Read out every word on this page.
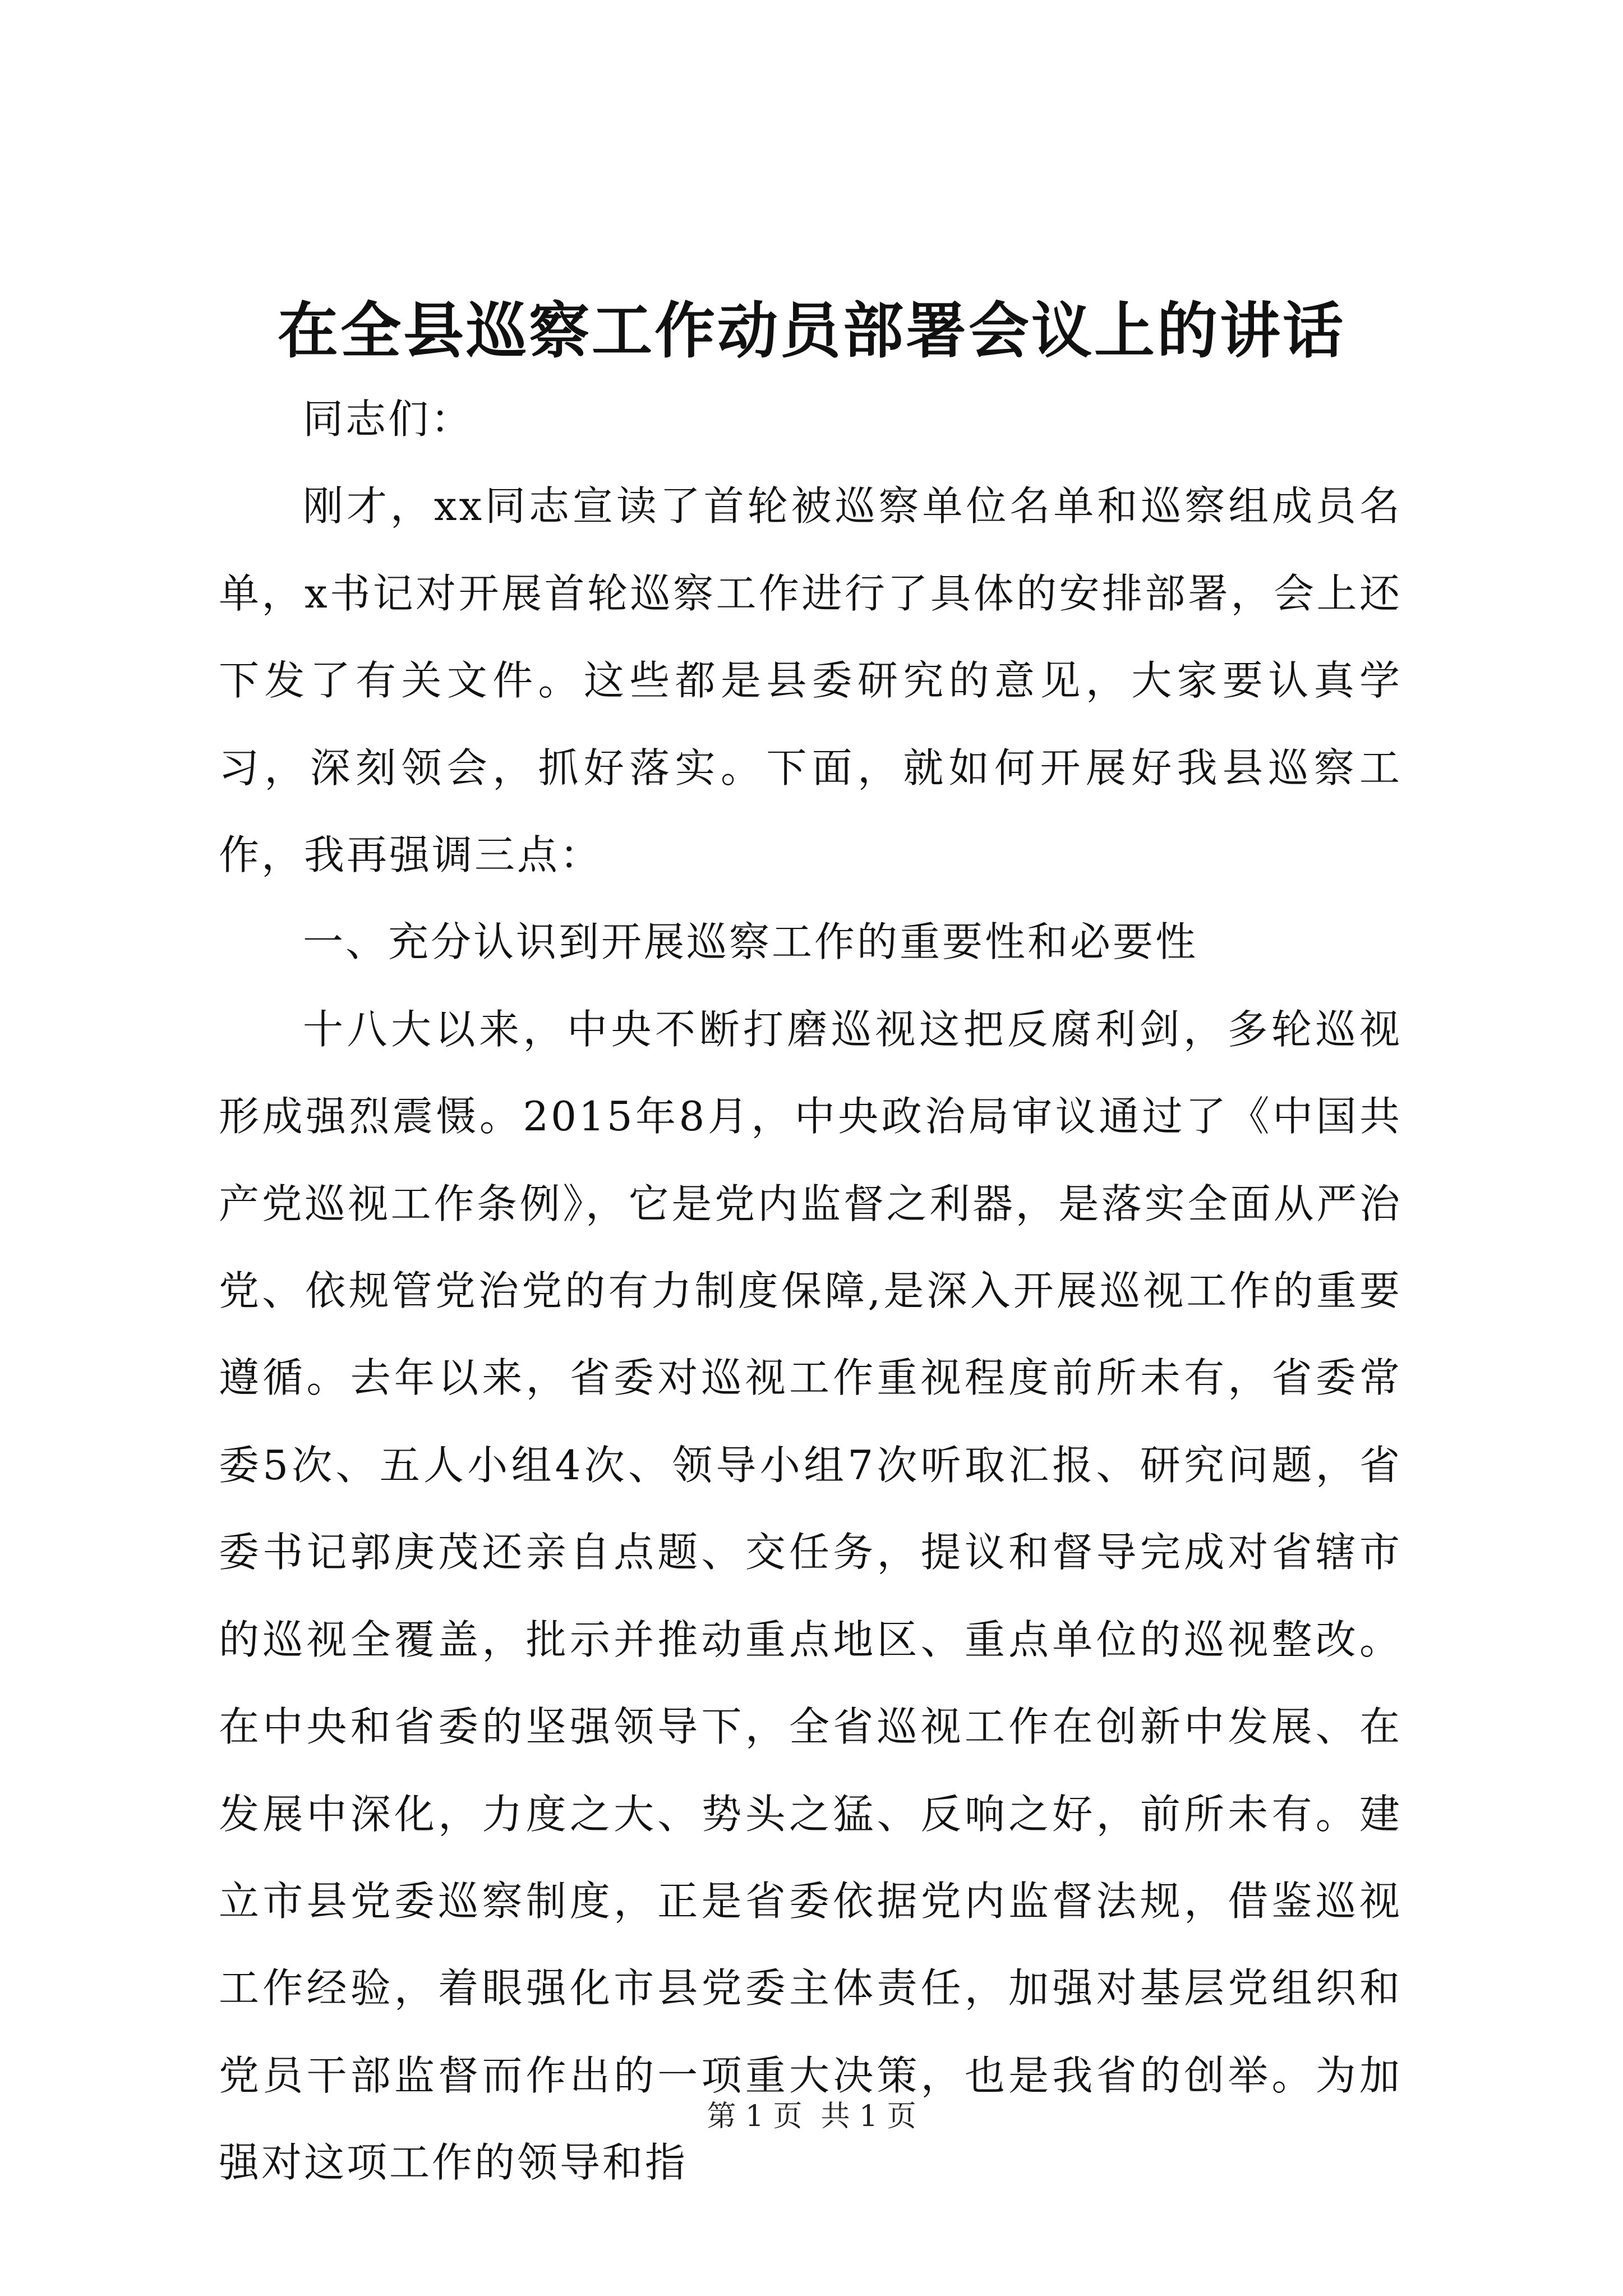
在全县巡察工作动员部署会议上的讲话

同志们：

刚才，xx同志宣读了首轮被巡察单位名单和巡察组成员名单，x书记对开展首轮巡察工作进行了具体的安排部署，会上还下发了有关文件。这些都是县委研究的意见，大家要认真学习，深刻领会，抓好落实。下面，就如何开展好我县巡察工作，我再强调三点：

一、充分认识到开展巡察工作的重要性和必要性

十八大以来，中央不断打磨巡视这把反腐利剑，多轮巡视形成强烈震慑。2015年8月，中央政治局审议通过了《中国共产党巡视工作条例》，它是党内监督之利器，是落实全面从严治党、依规管党治党的有力制度保障,是深入开展巡视工作的重要遵循。去年以来，省委对巡视工作重视程度前所未有，省委常委5次、五人小组4次、领导小组7次听取汇报、研究问题，省委书记郭庚茂还亲自点题、交任务，提议和督导完成对省辖市的巡视全覆盖，批示并推动重点地区、重点单位的巡视整改。在中央和省委的坚强领导下，全省巡视工作在创新中发展、在发展中深化，力度之大、势头之猛、反响之好，前所未有。建立市县党委巡察制度，正是省委依据党内监督法规，借鉴巡视工作经验，着眼强化市县党委主体责任，加强对基层党组织和党员干部监督而作出的一项重大决策，也是我省的创举。为加强对这项工作的领导和指

第 1 页  共 1 页
